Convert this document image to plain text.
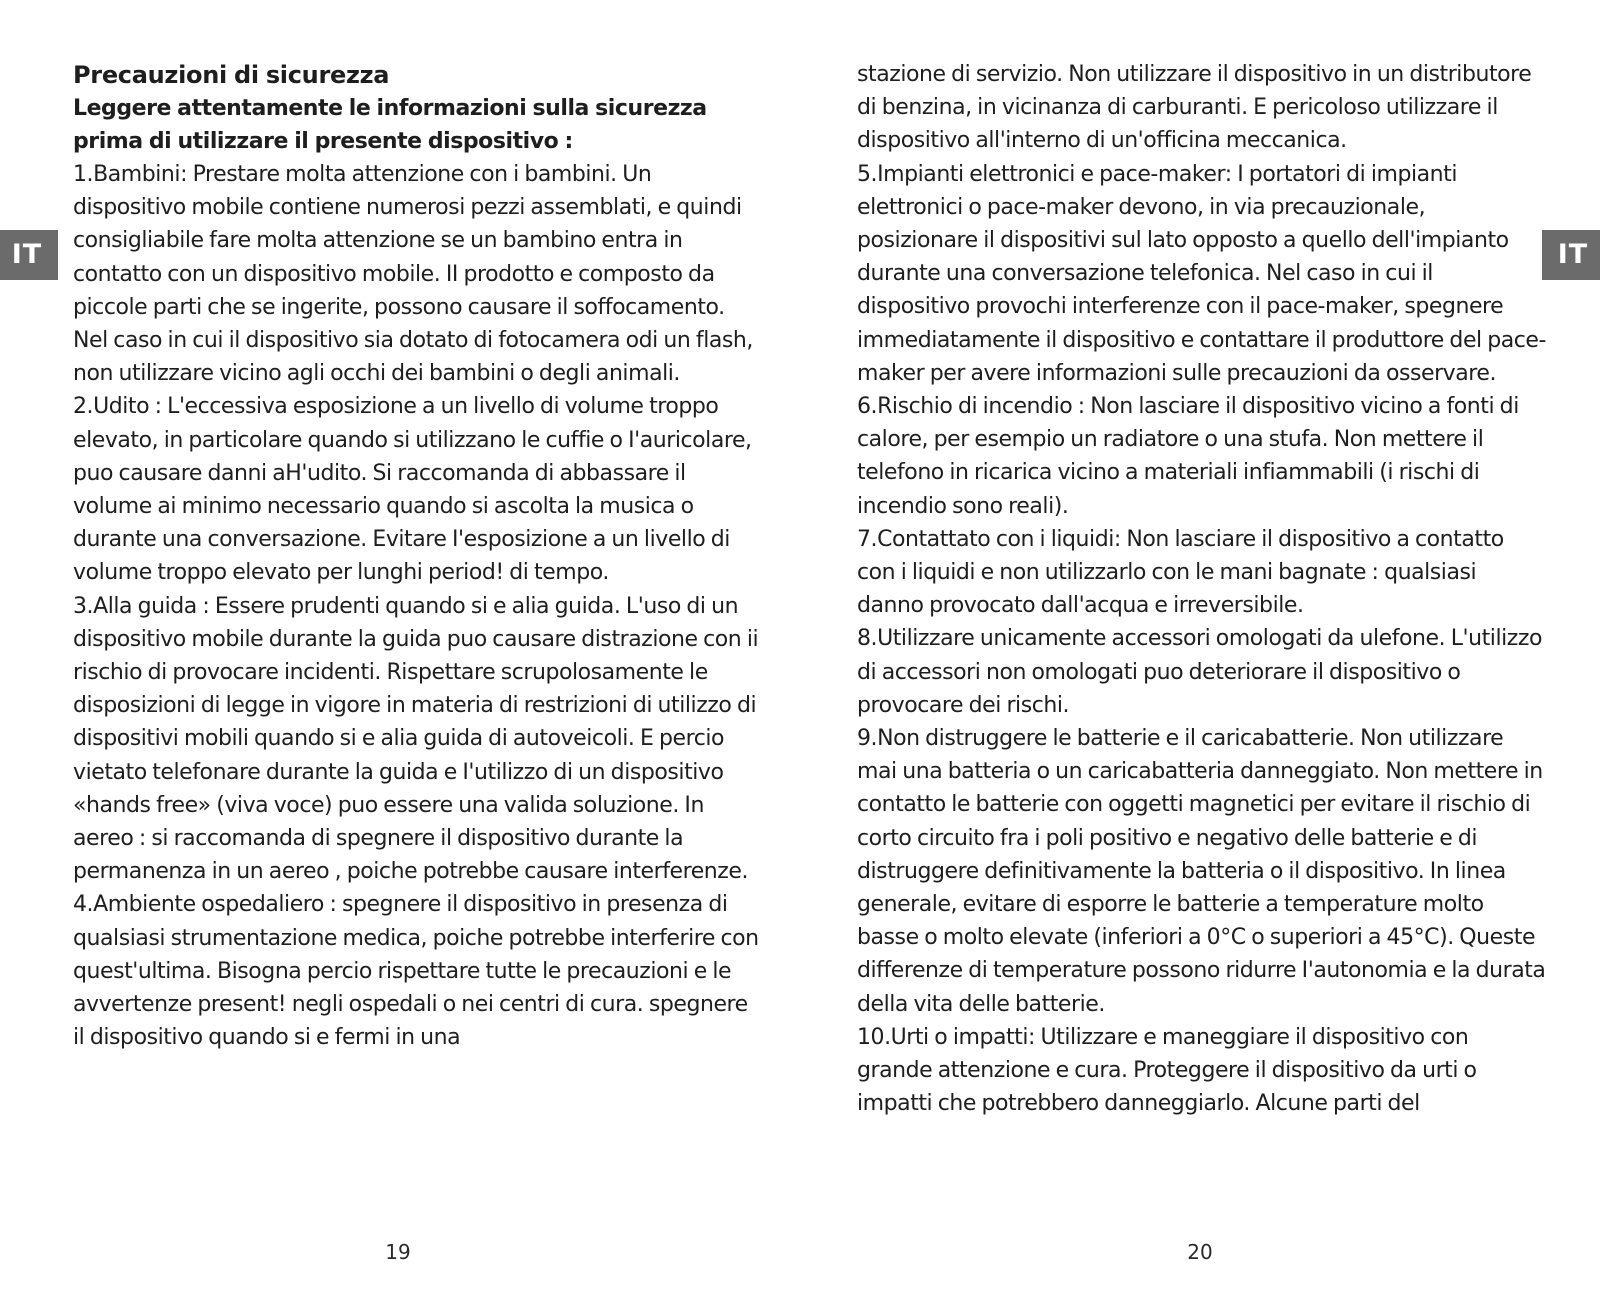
IT

Precauzioni di sicurezza

Leggere attentamente le informazioni sulla sicurezza prima di utilizzare il presente dispositivo :

1.Bambini: Prestare molta attenzione con i bambini. Un dispositivo mobile contiene numerosi pezzi assemblati, e quindi consigliabile fare molta attenzione se un bambino entra in contatto con un dispositivo mobile. II prodotto e composto da piccole parti che se ingerite, possono causare il soffocamento. Nel caso in cui il dispositivo sia dotato di fotocamera odi un flash, non utilizzare vicino agli occhi dei bambini o degli animali.

2.Udito : L'eccessiva esposizione a un livello di volume troppo elevato, in particolare quando si utilizzano le cuffie o I'auricolare, puo causare danni aH'udito. Si raccomanda di abbassare il volume ai minimo necessario quando si ascolta la musica o durante una conversazione. Evitare I'esposizione a un livello di volume troppo elevato per lunghi period! di tempo.

3.Alla guida : Essere prudenti quando si e alia guida. L'uso di un dispositivo mobile durante la guida puo causare distrazione con ii rischio di provocare incidenti. Rispettare scrupolosamente le disposizioni di legge in vigore in materia di restrizioni di utilizzo di dispositivi mobili quando si e alia guida di autoveicoli. E percio vietato telefonare durante la guida e I'utilizzo di un dispositivo «hands free» (viva voce) puo essere una valida soluzione. In aereo : si raccomanda di spegnere il dispositivo durante la permanenza in un aereo , poiche potrebbe causare interferenze.

4.Ambiente ospedaliero : spegnere il dispositivo in presenza di qualsiasi strumentazione medica, poiche potrebbe interferire con quest'ultima. Bisogna percio rispettare tutte le precauzioni e le avvertenze present! negli ospedali o nei centri di cura. spegnere il dispositivo quando si e fermi in una

19

stazione di servizio. Non utilizzare il dispositivo in un distributore di benzina, in vicinanza di carburanti. E pericoloso utilizzare il dispositivo all'interno di un'officina meccanica.

5.Impianti elettronici e pace-maker: I portatori di impianti elettronici o pace-maker devono, in via precauzionale, posizionare il dispositivi sul lato opposto a quello dell'impianto durante una conversazione telefonica. Nel caso in cui il dispositivo provochi interferenze con il pace-maker, spegnere immediatamente il dispositivo e contattare il produttore del pace-maker per avere informazioni sulle precauzioni da osservare.

6.Rischio di incendio : Non lasciare il dispositivo vicino a fonti di calore, per esempio un radiatore o una stufa. Non mettere il telefono in ricarica vicino a materiali infiammabili (i rischi di incendio sono reali).

7.Contattato con i liquidi: Non lasciare il dispositivo a contatto con i liquidi e non utilizzarlo con le mani bagnate : qualsiasi danno provocato dall'acqua e irreversibile.

8.Utilizzare unicamente accessori omologati da ulefone. L'utilizzo di accessori non omologati puo deteriorare il dispositivo o provocare dei rischi.

9.Non distruggere le batterie e il caricabatterie. Non utilizzare mai una batteria o un caricabatteria danneggiato. Non mettere in contatto le batterie con oggetti magnetici per evitare il rischio di corto circuito fra i poli positivo e negativo delle batterie e di distruggere definitivamente la batteria o il dispositivo. In linea generale, evitare di esporre le batterie a temperature molto basse o molto elevate (inferiori a 0°C o superiori a 45°C). Queste differenze di temperature possono ridurre I'autonomia e la durata della vita delle batterie.

10.Urti o impatti: Utilizzare e maneggiare il dispositivo con grande attenzione e cura. Proteggere il dispositivo da urti o impatti che potrebbero danneggiarlo. Alcune parti del

IT
20
